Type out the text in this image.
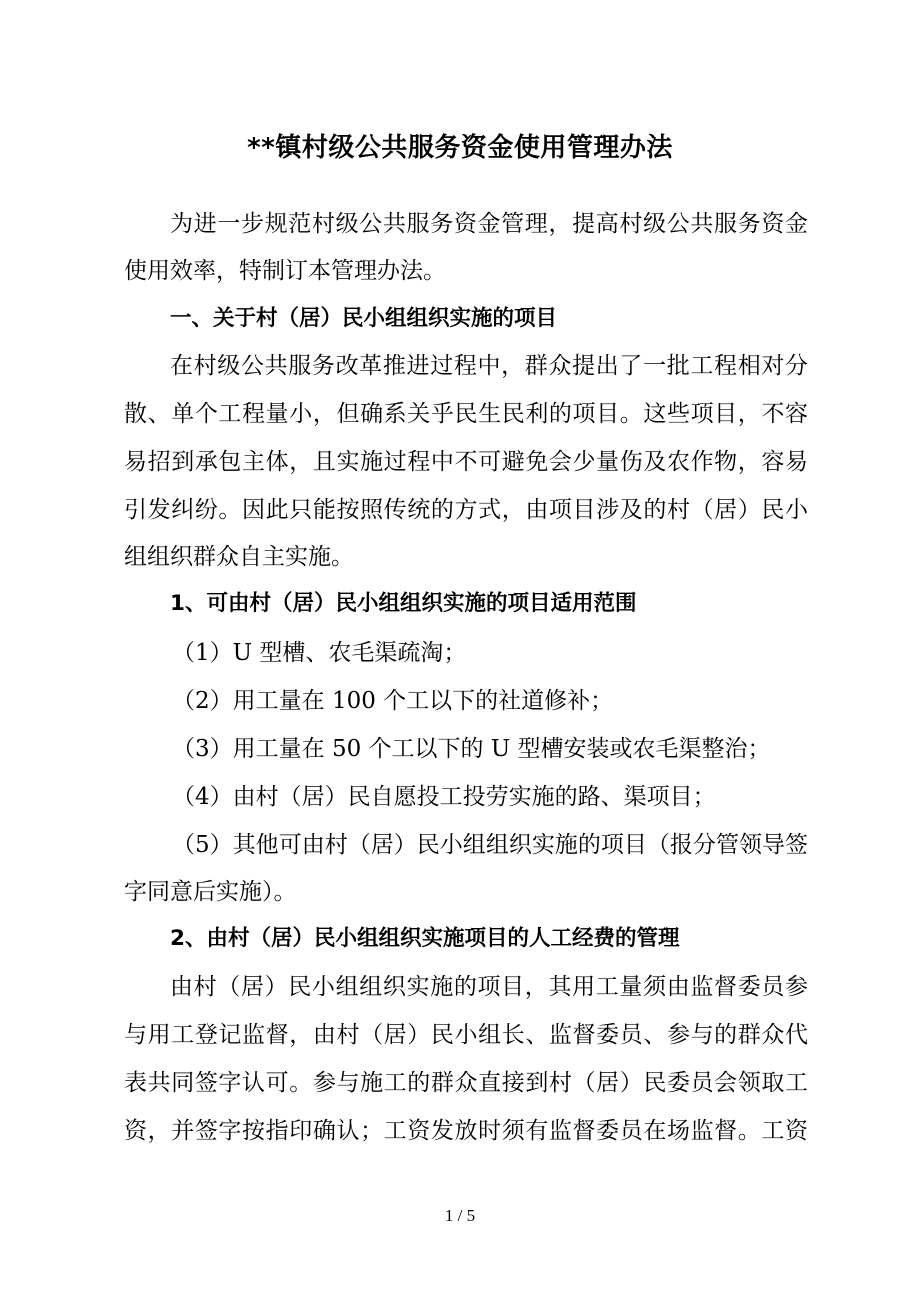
**镇村级公共服务资金使用管理办法
为进一步规范村级公共服务资金管理，提高村级公共服务资金
使用效率，特制订本管理办法。
一、关于村（居）民小组组织实施的项目
在村级公共服务改革推进过程中，群众提出了一批工程相对分
散、单个工程量小，但确系关乎民生民利的项目。这些项目，不容
易招到承包主体，且实施过程中不可避免会少量伤及农作物，容易
引发纠纷。因此只能按照传统的方式，由项目涉及的村（居）民小
组组织群众自主实施。
1、可由村（居）民小组组织实施的项目适用范围
（1）U 型槽、农毛渠疏淘；
（2）用工量在 100 个工以下的社道修补；
（3）用工量在 50 个工以下的 U 型槽安装或农毛渠整治；
（4）由村（居）民自愿投工投劳实施的路、渠项目；
（5）其他可由村（居）民小组组织实施的项目（报分管领导签
字同意后实施）。
2、由村（居）民小组组织实施项目的人工经费的管理
由村（居）民小组组织实施的项目，其用工量须由监督委员参
与用工登记监督，由村（居）民小组长、监督委员、参与的群众代
表共同签字认可。参与施工的群众直接到村（居）民委员会领取工
资，并签字按指印确认；工资发放时须有监督委员在场监督。工资
1 / 5
